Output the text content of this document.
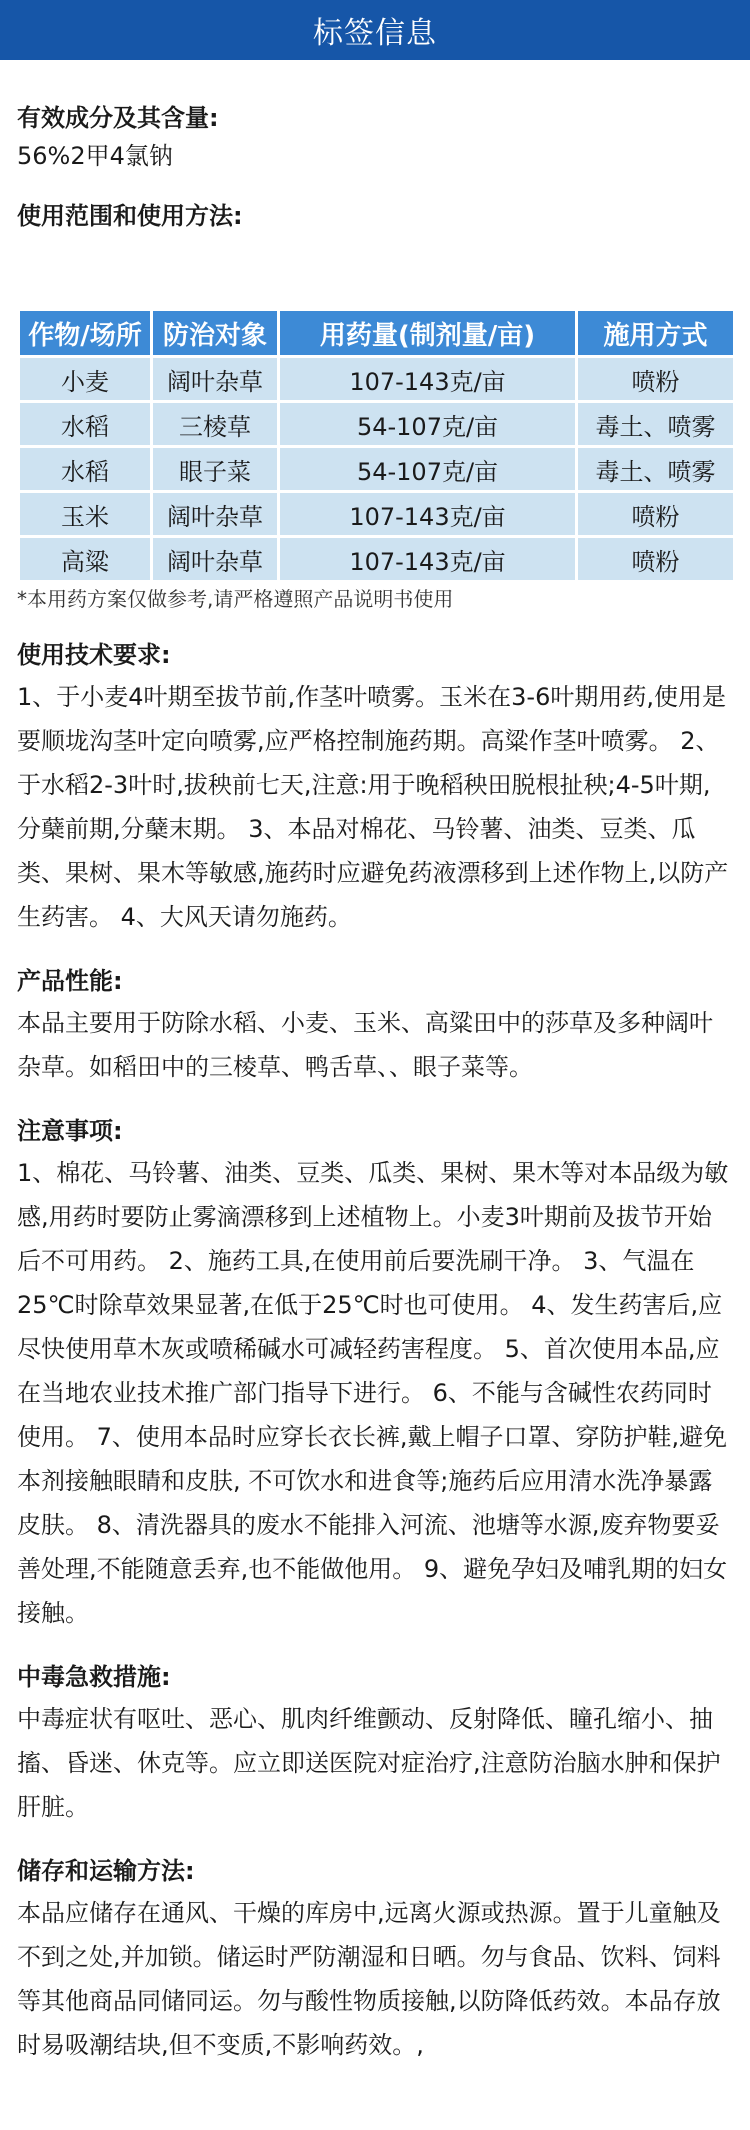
标签信息
有效成分及其含量:
56%2甲4氯钠
使用范围和使用方法:
作物/场所	防治对象	用药量(制剂量/亩)	施用方式
小麦	阔叶杂草	107-143克/亩	喷粉
水稻	三棱草	54-107克/亩	毒土、喷雾
水稻	眼子菜	54-107克/亩	毒土、喷雾
玉米	阔叶杂草	107-143克/亩	喷粉
高粱	阔叶杂草	107-143克/亩	喷粉
*本用药方案仅做参考,请严格遵照产品说明书使用
使用技术要求:
1、于小麦4叶期至拔节前,作茎叶喷雾。玉米在3-6叶期用药,使用是要顺垅沟茎叶定向喷雾,应严格控制施药期。高粱作茎叶喷雾。 2、于水稻2-3叶时,拔秧前七天,注意:用于晚稻秧田脱根扯秧;4-5叶期,分蘖前期,分蘖末期。 3、本品对棉花、马铃薯、油类、豆类、瓜类、果树、果木等敏感,施药时应避免药液漂移到上述作物上,以防产生药害。 4、大风天请勿施药。
产品性能:
本品主要用于防除水稻、小麦、玉米、高粱田中的莎草及多种阔叶杂草。如稻田中的三棱草、鸭舌草、、眼子菜等。
注意事项:
1、棉花、马铃薯、油类、豆类、瓜类、果树、果木等对本品级为敏感,用药时要防止雾滴漂移到上述植物上。小麦3叶期前及拔节开始后不可用药。 2、施药工具,在使用前后要洗刷干净。 3、气温在25℃时除草效果显著,在低于25℃时也可使用。 4、发生药害后,应尽快使用草木灰或喷稀碱水可减轻药害程度。 5、首次使用本品,应在当地农业技术推广部门指导下进行。 6、不能与含碱性农药同时使用。 7、使用本品时应穿长衣长裤,戴上帽子口罩、穿防护鞋,避免本剂接触眼睛和皮肤, 不可饮水和进食等;施药后应用清水洗净暴露皮肤。 8、清洗器具的废水不能排入河流、池塘等水源,废弃物要妥善处理,不能随意丢弃,也不能做他用。 9、避免孕妇及哺乳期的妇女接触。
中毒急救措施:
中毒症状有呕吐、恶心、肌肉纤维颤动、反射降低、瞳孔缩小、抽搐、昏迷、休克等。应立即送医院对症治疗,注意防治脑水肿和保护肝脏。
储存和运输方法:
本品应储存在通风、干燥的库房中,远离火源或热源。置于儿童触及不到之处,并加锁。储运时严防潮湿和日晒。勿与食品、饮料、饲料等其他商品同储同运。勿与酸性物质接触,以防降低药效。本品存放时易吸潮结块,但不变质,不影响药效。,
